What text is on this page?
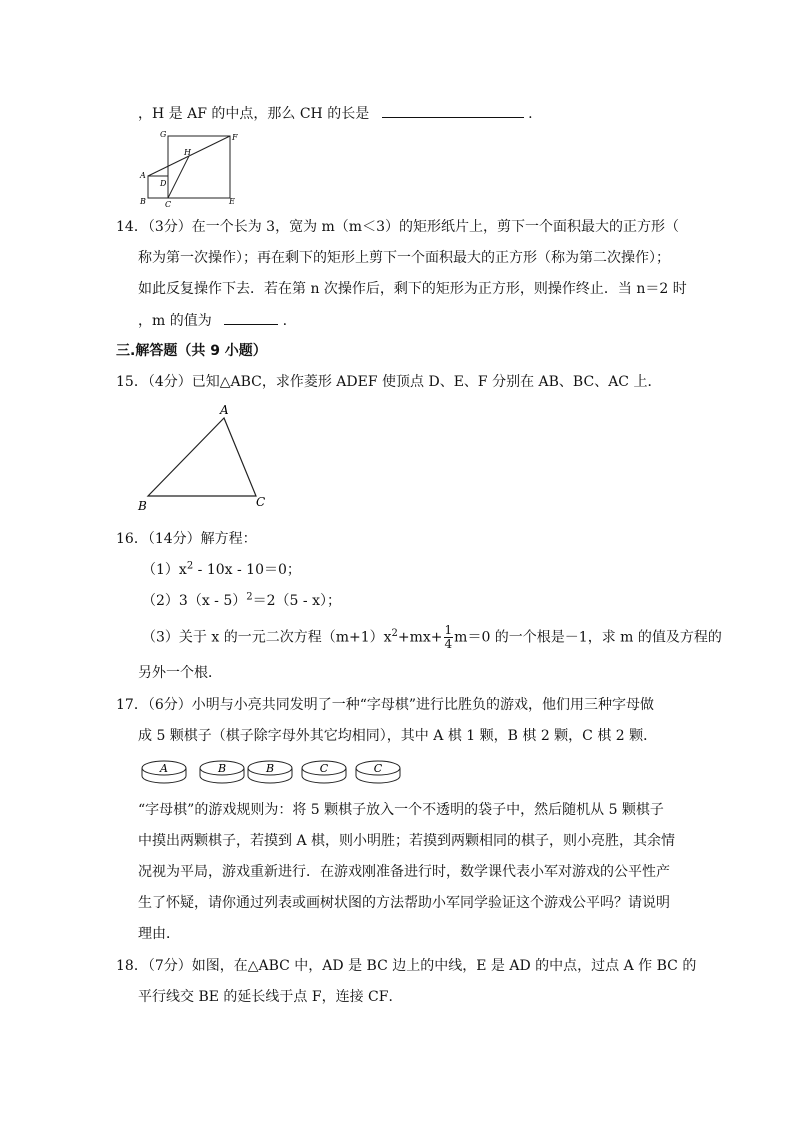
，H 是 AF 的中点，那么 CH 的长是	.
G	F
H
A
D
B C	E
14．（3分）在一个长为 3，宽为 m（m＜3）的矩形纸片上，剪下一个面积最大的正方形（
称为第一次操作）；再在剩下的矩形上剪下一个面积最大的正方形（称为第二次操作）；
如此反复操作下去．若在第 n 次操作后，剩下的矩形为正方形，则操作终止．当 n＝2 时
，m 的值为	.
三.解答题（共 9 小题）
15．（4分）已知△ABC，求作菱形 ADEF 使顶点 D、E、F 分别在 AB、BC、AC 上．
A
B	C
16．（14分）解方程：
$(1)x^2 - 10x - 10=0$；
（2）3（x - 5）$^2$＝2（5 - x）；
（3）关于 x 的一元二次方程$(m+1)x^2+mx+ \frac{1}{4} m=0$ 的一个根是－1，求 m 的值及方程的
另外一个根．
17．（6分）小明与小亮共同发明了一种“字母棋”进行比胜负的游戏，他们用三种字母做
成 5 颗棋子（棋子除字母外其它均相同），其中 A 棋 1 颗，B 棋 2 颗，C 棋 2 颗．
A	B	B	C	C
“字母棋”的游戏规则为：将 5 颗棋子放入一个不透明的袋子中，然后随机从 5 颗棋子
中摸出两颗棋子，若摸到 A 棋，则小明胜；若摸到两颗相同的棋子，则小亮胜，其余情
况视为平局，游戏重新进行．在游戏刚准备进行时，数学课代表小军对游戏的公平性产
生了怀疑，请你通过列表或画树状图的方法帮助小军同学验证这个游戏公平吗？请说明
理由．
18．（7分）如图，在△ABC 中，AD 是 BC 边上的中线，E 是 AD 的中点，过点 A 作 BC 的
平行线交 BE 的延长线于点 F，连接 CF．
